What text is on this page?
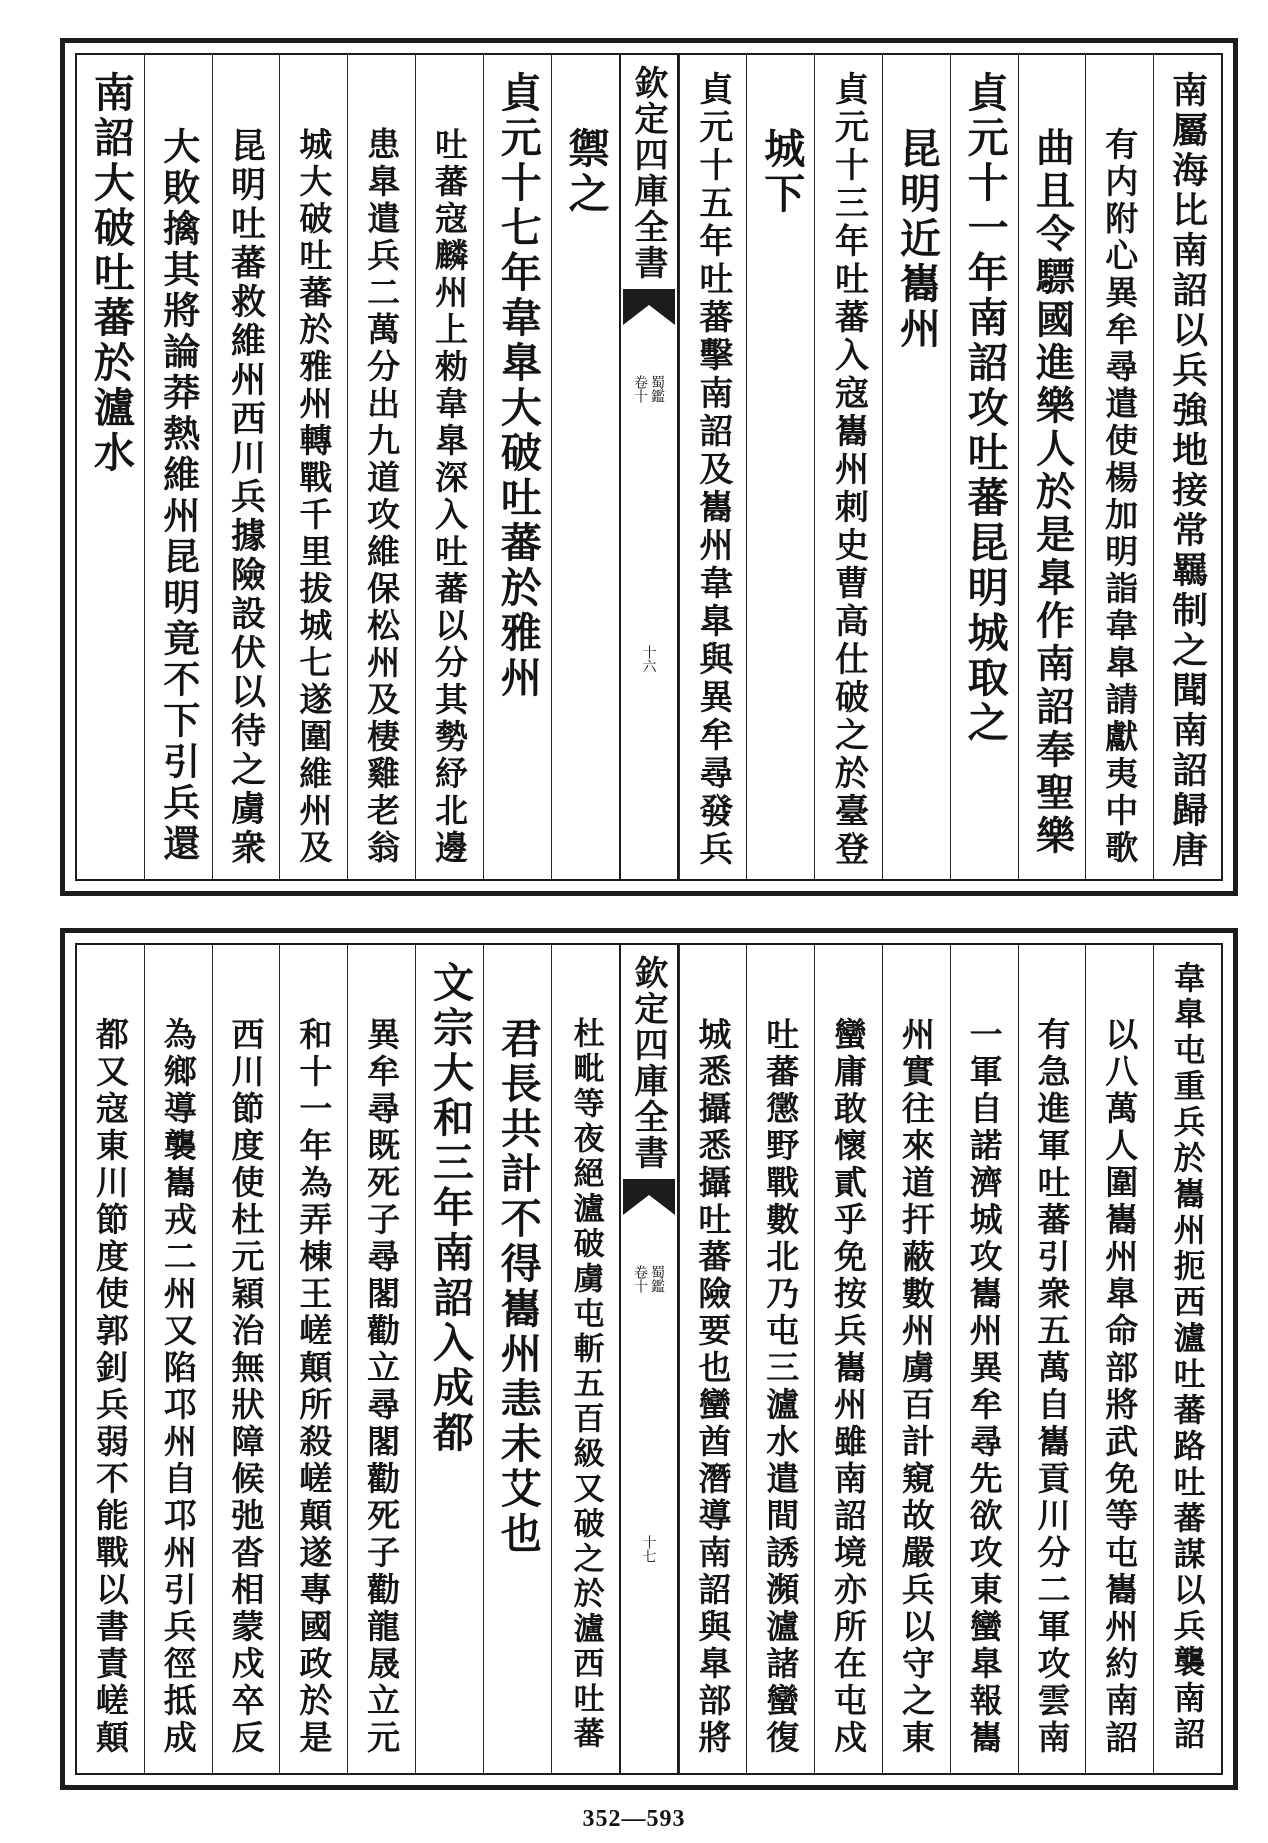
南屬海比南詔以兵強地接常羈制之聞南詔歸唐
有内附心異牟尋遣使楊加明詣韋臯請獻夷中歌
曲且令驃國進樂人於是臯作南詔奉聖樂
貞元十一年南詔攻吐蕃昆明城取之
昆明近巂州
貞元十三年吐蕃入寇巂州刺史曹高仕破之於臺登
城下
貞元十五年吐蕃擊南詔及巂州韋臯與異牟尋發兵
欽定四庫全書
蜀鑑
卷十
十六
禦之
貞元十七年韋臯大破吐蕃於雅州
吐蕃寇麟州上勑韋臯深入吐蕃以分其勢紓北邊
患臯遣兵二萬分出九道攻維保松州及棲雞老翁
城大破吐蕃於雅州轉戰千里拔城七遂圍維州及
昆明吐蕃救維州西川兵據險設伏以待之虜衆
大敗擒其將論莽熱維州昆明竟不下引兵還
南詔大破吐蕃於瀘水
韋臯屯重兵於巂州扼西瀘吐蕃路吐蕃謀以兵襲南詔
以八萬人圍巂州臯命部將武免等屯巂州約南詔
有急進軍吐蕃引衆五萬自巂貢川分二軍攻雲南
一軍自諾濟城攻巂州異牟尋先欲攻東蠻臯報巂
州實往來道扞蔽數州虜百計窺故嚴兵以守之東
蠻庸敢懷貳乎免按兵巂州雖南詔境亦所在屯戍
吐蕃懲野戰數北乃屯三瀘水遣間誘瀕瀘諸蠻復
城悉攝悉攝吐蕃險要也蠻酋潛導南詔與臯部將
欽定四庫全書
蜀鑑
卷十
十七
杜毗等夜絕瀘破虜屯斬五百級又破之於瀘西吐蕃
君長共計不得巂州恚未艾也
文宗大和三年南詔入成都
異牟尋既死子尋閣勸立尋閣勸死子勸龍晟立元
和十一年為弄棟王嵯顛所殺嵯顛遂專國政於是
西川節度使杜元穎治無狀障候弛沓相蒙戍卒反
為鄉導襲巂戎二州又陷邛州自邛州引兵徑抵成
都又寇東川節度使郭釗兵弱不能戰以書責嵯顛
352—593
